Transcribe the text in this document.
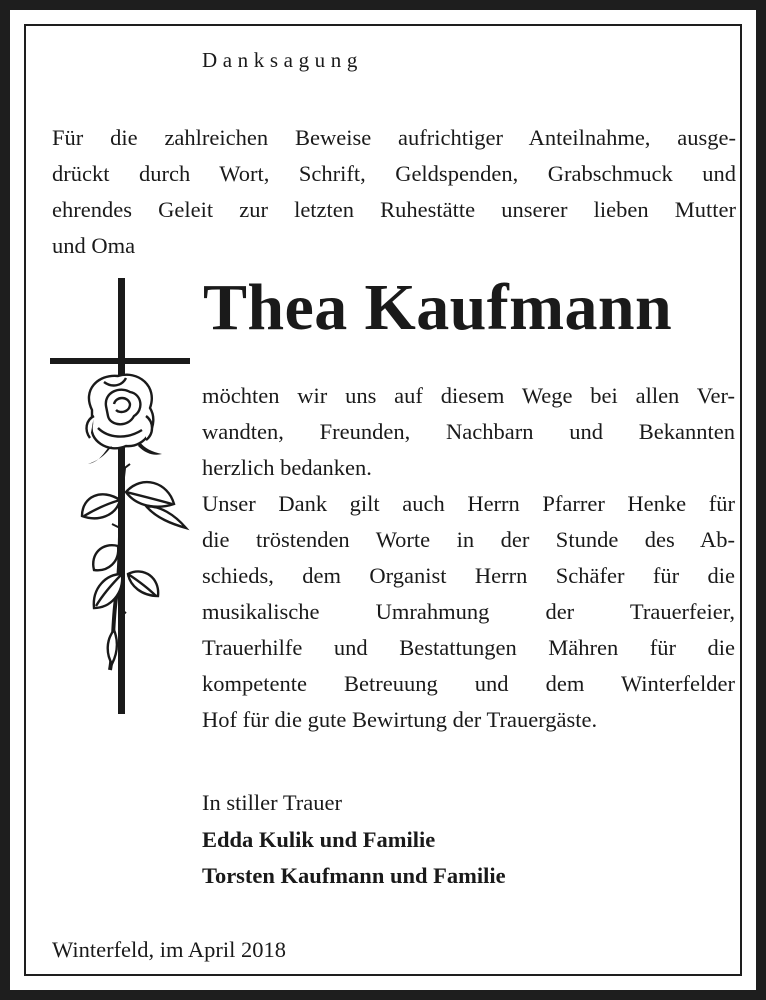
Danksagung

Für die zahlreichen Beweise aufrichtiger Anteilnahme, ausge-
drückt durch Wort, Schrift, Geldspenden, Grabschmuck und
ehrendes Geleit zur letzten Ruhestätte unserer lieben Mutter
und Oma

Thea Kaufmann

möchten wir uns auf diesem Wege bei allen Ver-
wandten, Freunden, Nachbarn und Bekannten
herzlich bedanken.
Unser Dank gilt auch Herrn Pfarrer Henke für
die tröstenden Worte in der Stunde des Ab-
schieds, dem Organist Herrn Schäfer für die
musikalische Umrahmung der Trauerfeier,
Trauerhilfe und Bestattungen Mähren für die
kompetente Betreuung und dem Winterfelder
Hof für die gute Bewirtung der Trauergäste.

In stiller Trauer

Edda Kulik und Familie

Torsten Kaufmann und Familie

Winterfeld, im April 2018
